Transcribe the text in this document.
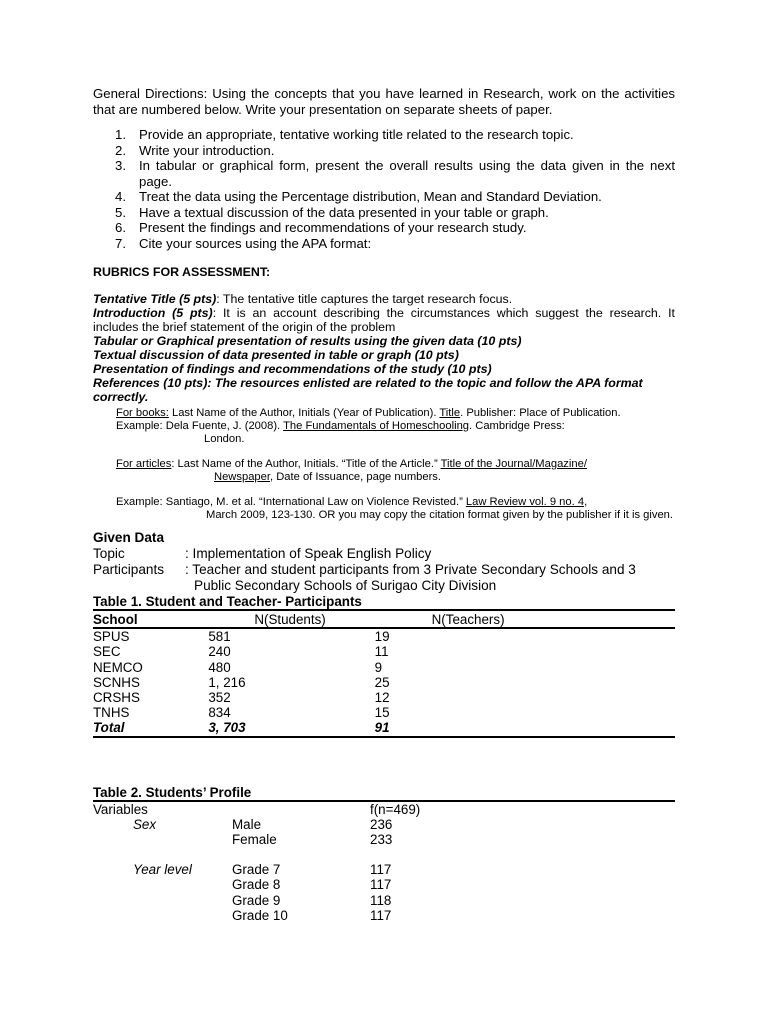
General Directions: Using the concepts that you have learned in Research, work on the activities that are numbered below. Write your presentation on separate sheets of paper.
1. Provide an appropriate, tentative working title related to the research topic.
2. Write your introduction.
3. In tabular or graphical form, present the overall results using the data given in the next page.
4. Treat the data using the Percentage distribution, Mean and Standard Deviation.
5. Have a textual discussion of the data presented in your table or graph.
6. Present the findings and recommendations of your research study.
7. Cite your sources using the APA format:
RUBRICS FOR ASSESSMENT:
Tentative Title (5 pts): The tentative title captures the target research focus.
Introduction (5 pts): It is an account describing the circumstances which suggest the research. It includes the brief statement of the origin of the problem
Tabular or Graphical presentation of results using the given data (10 pts)
Textual discussion of data presented in table or graph (10 pts)
Presentation of findings and recommendations of the study (10 pts)
References (10 pts): The resources enlisted are related to the topic and follow the APA format correctly.
For books: Last Name of the Author, Initials (Year of Publication). Title. Publisher: Place of Publication.
Example: Dela Fuente, J. (2008). The Fundamentals of Homeschooling. Cambridge Press:
London.
For articles: Last Name of the Author, Initials. “Title of the Article.” Title of the Journal/Magazine/
Newspaper, Date of Issuance, page numbers.
Example: Santiago, M. et al. “International Law on Violence Revisted.” Law Review vol. 9 no. 4,
March 2009, 123-130. OR you may copy the citation format given by the publisher if it is given.
Given Data
Topic	: Implementation of Speak English Policy
Participants	: Teacher and student participants from 3 Private Secondary Schools and 3 Public Secondary Schools of Surigao City Division
Table 1. Student and Teacher- Participants
School	N(Students)	N(Teachers)
SPUS	581	19
SEC	240	11
NEMCO	480	9
SCNHS	1, 216	25
CRSHS	352	12
TNHS	834	15
Total	3, 703	91
Table 2. Students’ Profile
Variables		f(n=469)
Sex	Male	236
	Female	233

Year level	Grade 7	117
	Grade 8	117
	Grade 9	118
	Grade 10	117
